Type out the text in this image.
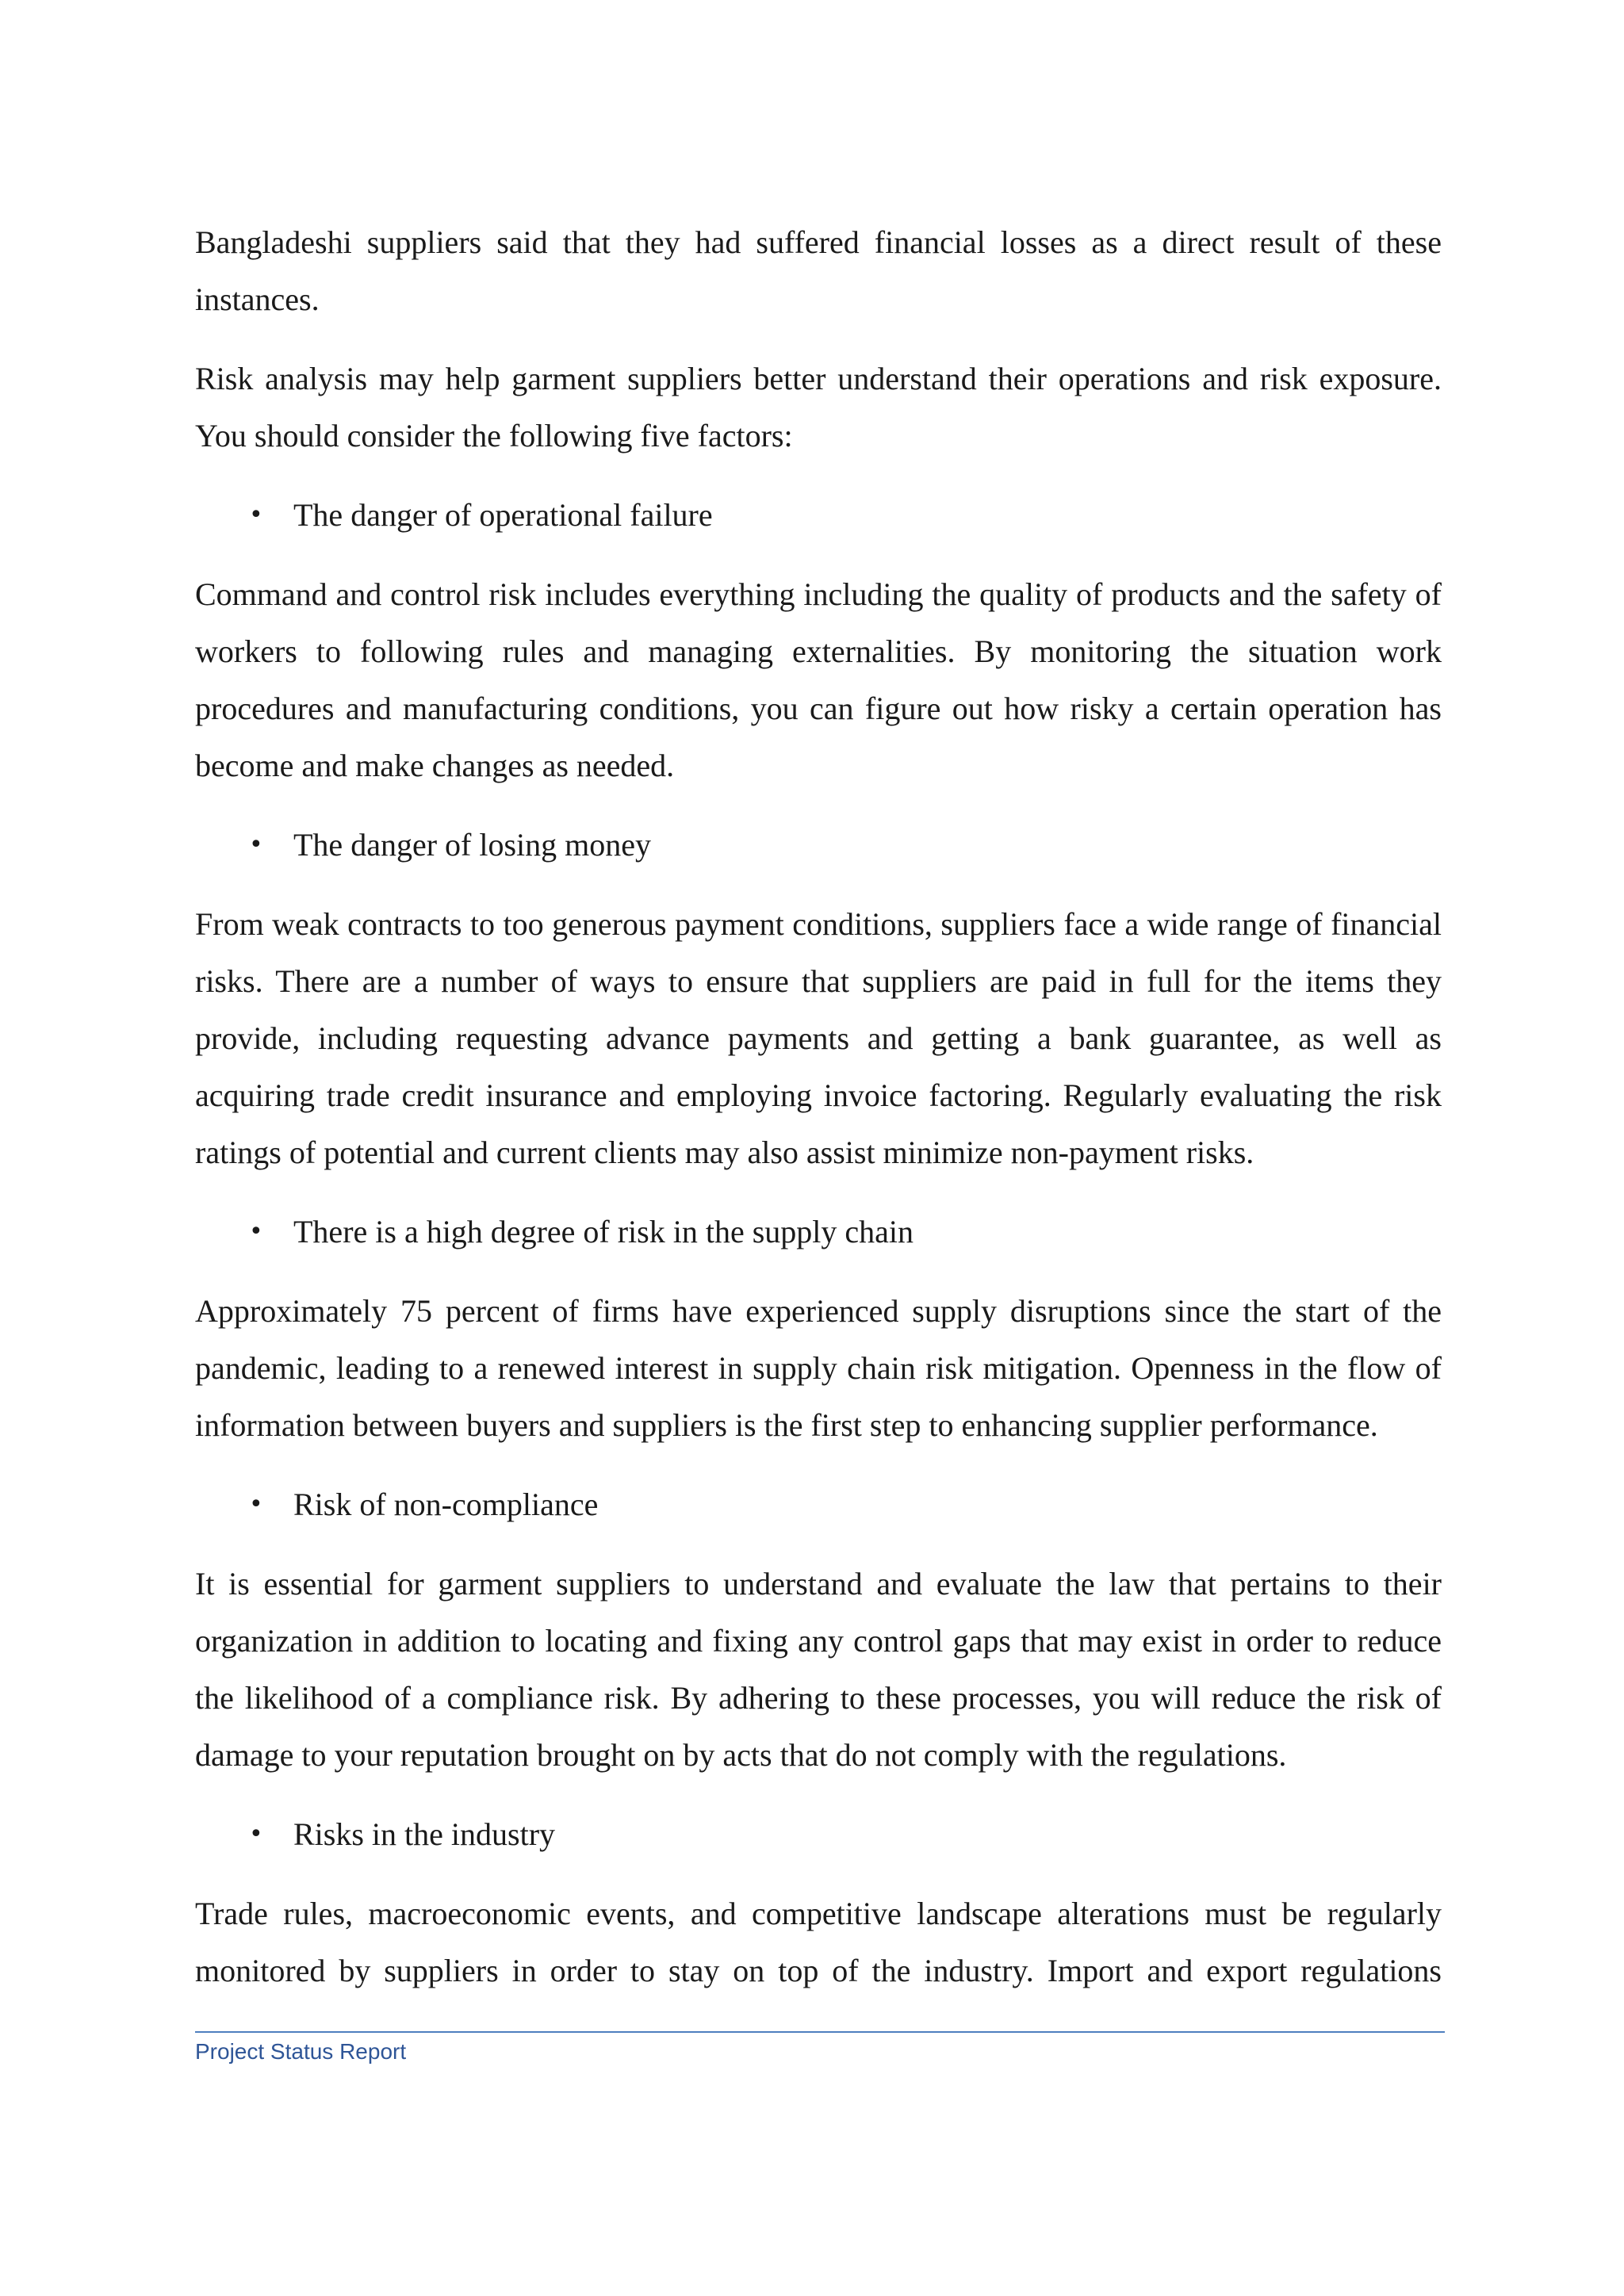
Bangladeshi suppliers said that they had suffered financial losses as a direct result of these instances.

Risk analysis may help garment suppliers better understand their operations and risk exposure. You should consider the following five factors:

• The danger of operational failure

Command and control risk includes everything including the quality of products and the safety of workers to following rules and managing externalities. By monitoring the situation work procedures and manufacturing conditions, you can figure out how risky a certain operation has become and make changes as needed.

• The danger of losing money

From weak contracts to too generous payment conditions, suppliers face a wide range of financial risks. There are a number of ways to ensure that suppliers are paid in full for the items they provide, including requesting advance payments and getting a bank guarantee, as well as acquiring trade credit insurance and employing invoice factoring. Regularly evaluating the risk ratings of potential and current clients may also assist minimize non-payment risks.

• There is a high degree of risk in the supply chain

Approximately 75 percent of firms have experienced supply disruptions since the start of the pandemic, leading to a renewed interest in supply chain risk mitigation. Openness in the flow of information between buyers and suppliers is the first step to enhancing supplier performance.

• Risk of non-compliance

It is essential for garment suppliers to understand and evaluate the law that pertains to their organization in addition to locating and fixing any control gaps that may exist in order to reduce the likelihood of a compliance risk. By adhering to these processes, you will reduce the risk of damage to your reputation brought on by acts that do not comply with the regulations.

• Risks in the industry

Trade rules, macroeconomic events, and competitive landscape alterations must be regularly monitored by suppliers in order to stay on top of the industry. Import and export regulations

Project Status Report
